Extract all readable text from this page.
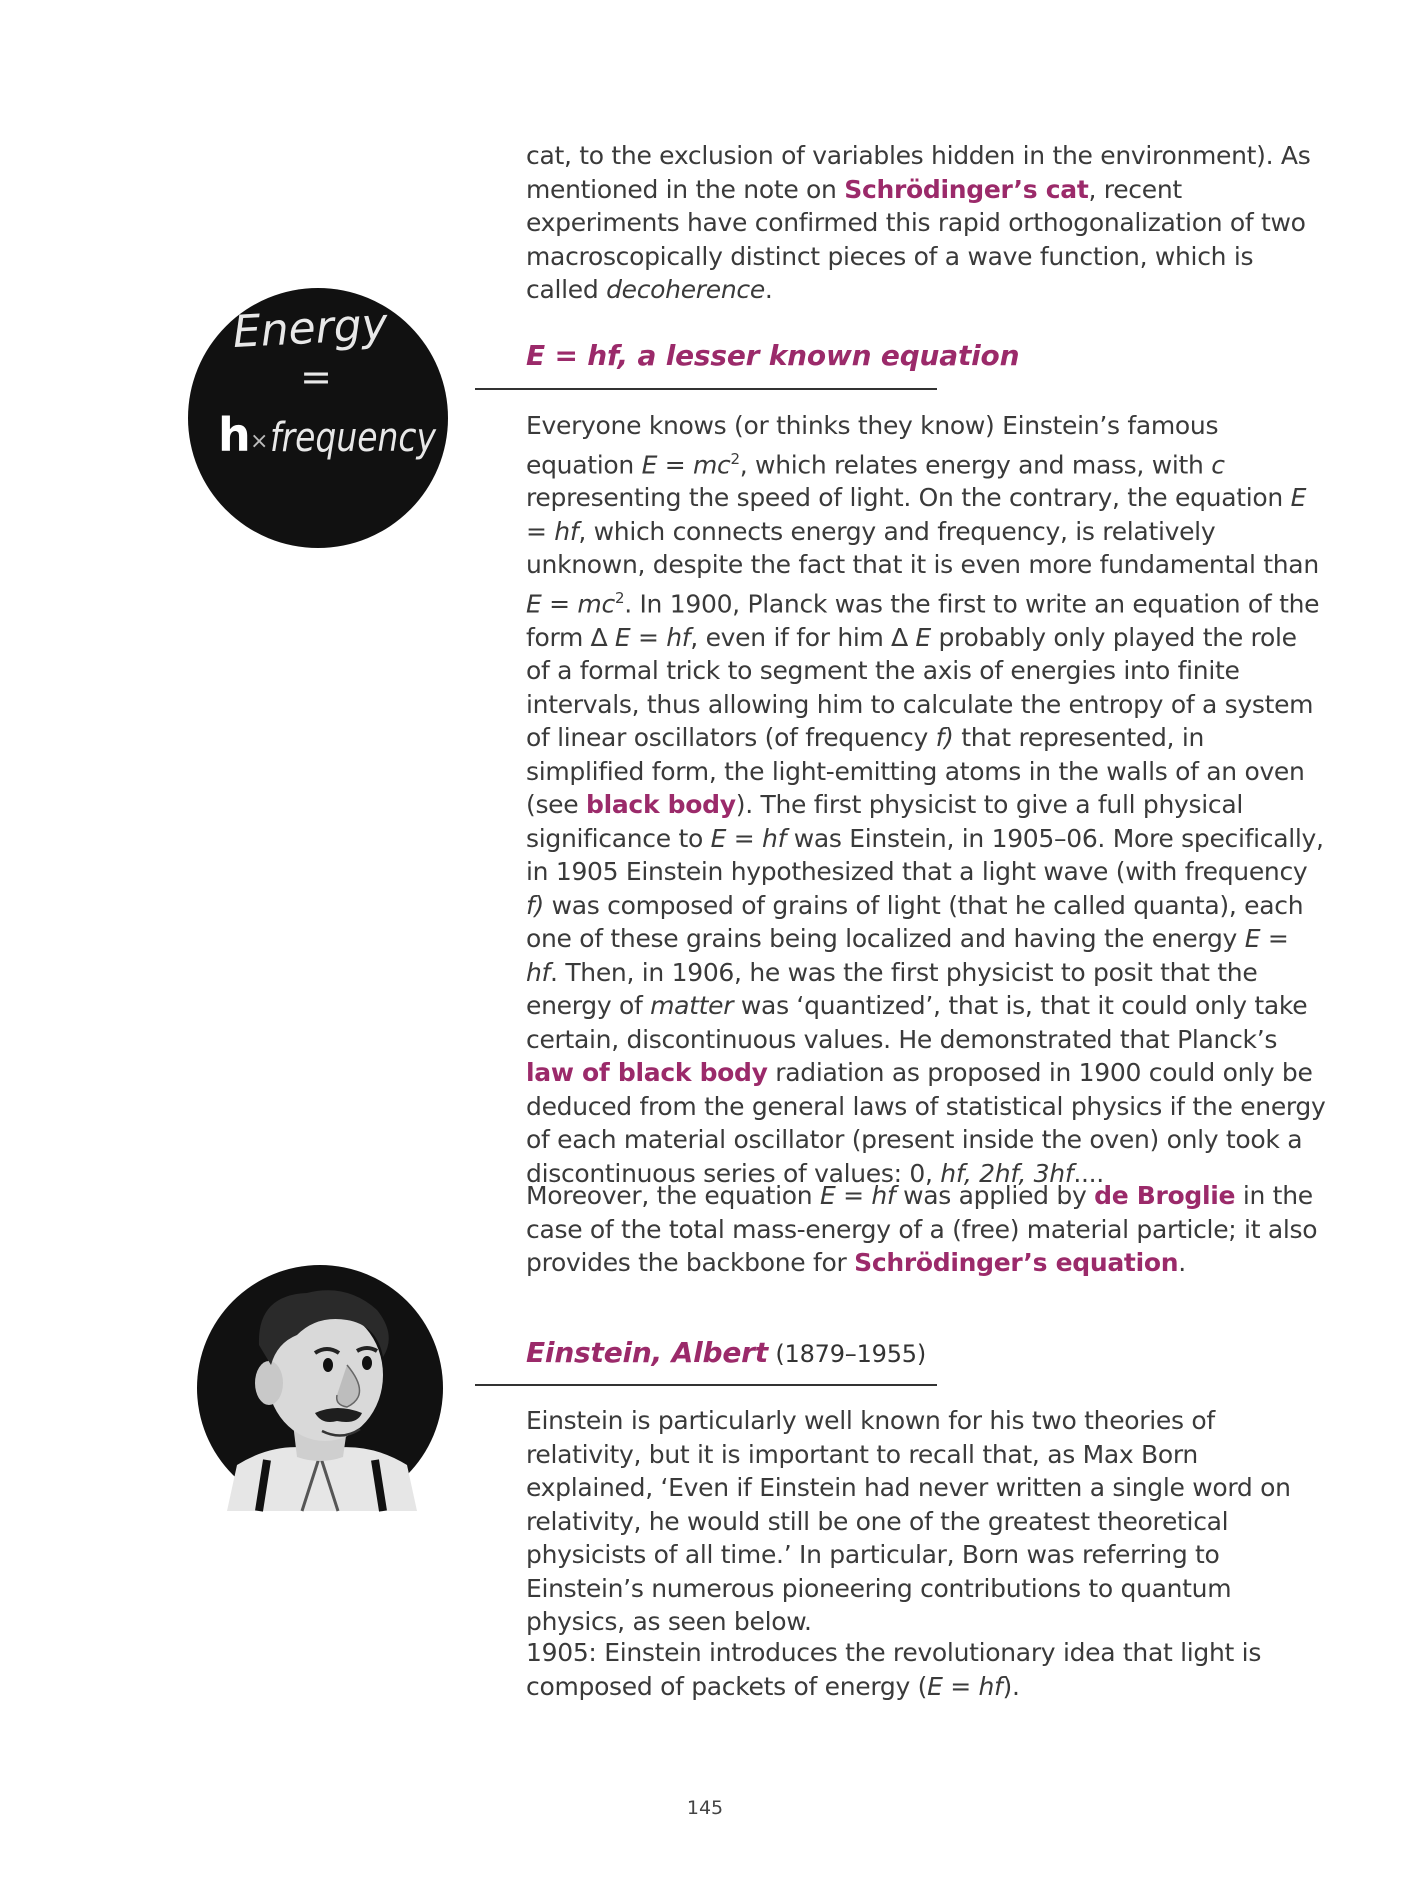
cat, to the exclusion of variables hidden in the environment). As mentioned in the note on Schrödinger’s cat, recent experiments have confirmed this rapid orthogonalization of two macroscopically distinct pieces of a wave function, which is called decoherence.

Energy
=
h × frequency
E = hf, a lesser known equation

Everyone knows (or thinks they know) Einstein’s famous equation $E = mc^2$, which relates energy and mass, with c representing the speed of light. On the contrary, the equation E = hf, which connects energy and frequency, is relatively unknown, despite the fact that it is even more fundamental than $E = mc^2$. In 1900, Planck was the first to write an equation of the form ∆ E = hf, even if for him ∆ E probably only played the role of a formal trick to segment the axis of energies into finite intervals, thus allowing him to calculate the entropy of a system of linear oscillators (of frequency f) that represented, in simplified form, the light-emitting atoms in the walls of an oven (see black body). The first physicist to give a full physical significance to E = hf was Einstein, in 1905–06. More specifically, in 1905 Einstein hypothesized that a light wave (with frequency f) was composed of grains of light (that he called quanta), each one of these grains being localized and having the energy E = hf. Then, in 1906, he was the first physicist to posit that the energy of matter was ‘quantized’, that is, that it could only take certain, discontinuous values. He demonstrated that Planck’s law of black body radiation as proposed in 1900 could only be deduced from the general laws of statistical physics if the energy of each material oscillator (present inside the oven) only took a discontinuous series of values: 0, hf, 2hf, 3hf....

Moreover, the equation E = hf was applied by de Broglie in the case of the total mass-energy of a (free) material particle; it also provides the backbone for Schrödinger’s equation.

Einstein, Albert (1879–1955)

Einstein is particularly well known for his two theories of relativity, but it is important to recall that, as Max Born explained, ‘Even if Einstein had never written a single word on relativity, he would still be one of the greatest theoretical physicists of all time.’ In particular, Born was referring to Einstein’s numerous pioneering contributions to quantum physics, as seen below.

1905: Einstein introduces the revolutionary idea that light is composed of packets of energy (E = hf).

145
